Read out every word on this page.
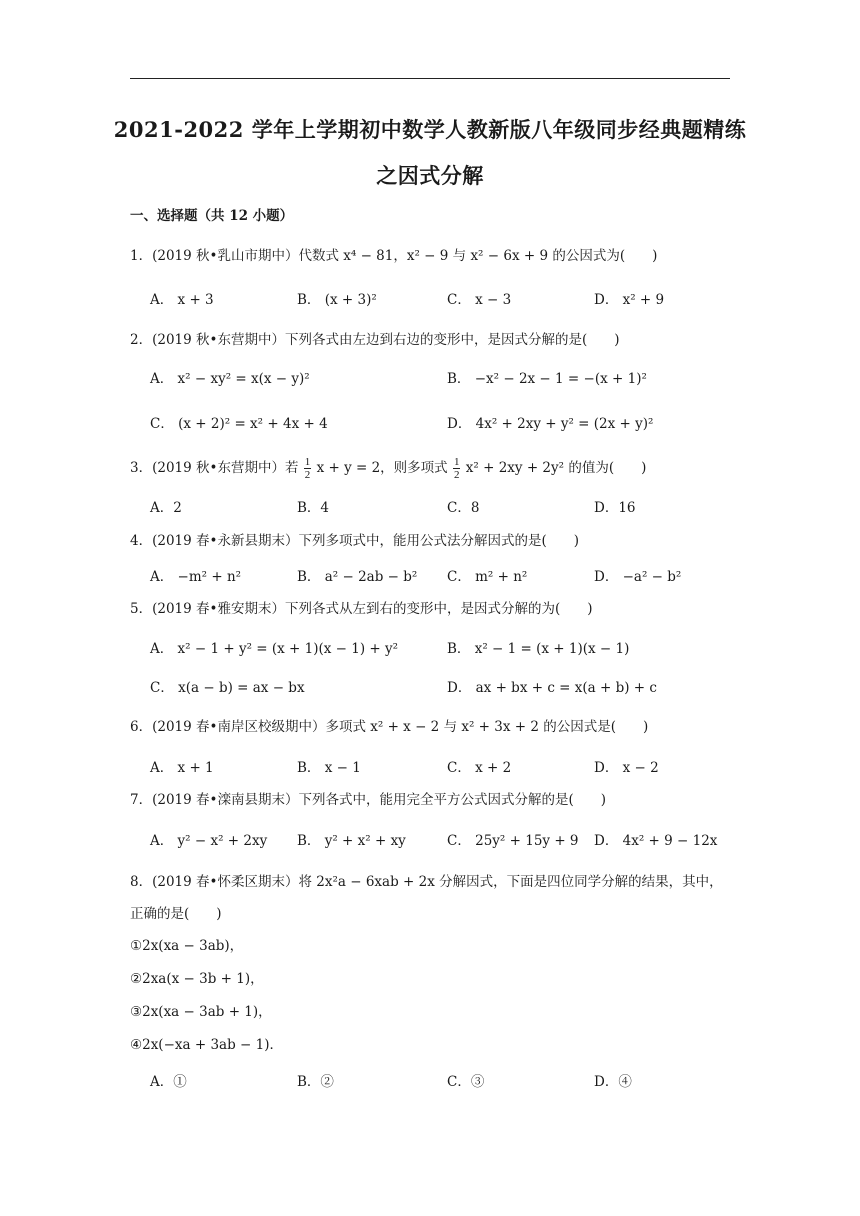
2021-2022 学年上学期初中数学人教新版八年级同步经典题精练
之因式分解
一、选择题（共 12 小题）
1．(2019 秋•乳山市期中）代数式 x⁴ − 81，x² − 9 与 x² − 6x + 9 的公因式为(　　)
A． x + 3	B． (x + 3)²	C． x − 3	D． x² + 9
2．(2019 秋•东营期中）下列各式由左边到右边的变形中，是因式分解的是(　　)
A． x² − xy² = x(x − y)²	B． −x² − 2x − 1 = −(x + 1)²
C． (x + 2)² = x² + 4x + 4	D． 4x² + 2xy + y² = (2x + y)²
3．(2019 秋•东营期中）若 $\frac{1}{2}$ x + y = 2，则多项式 $\frac{1}{2} x^2 + 2xy + 2y^2$ 的值为(　　)
A．2	B．4	C．8	D．16
4．(2019 春•永新县期末）下列多项式中，能用公式法分解因式的是(　　)
A． −m² + n²	B． a² − 2ab − b² C． m² + n²	D． −a² − b²
5．(2019 春•雅安期末）下列各式从左到右的变形中，是因式分解的为(　　)
A． x² − 1 + y² = (x + 1)(x − 1) + y²	B． x² − 1 = (x + 1)(x − 1)
C． x(a − b) = ax − bx	D． ax + bx + c = x(a + b) + c
6．(2019 春•南岸区校级期中）多项式 x² + x − 2 与 x² + 3x + 2 的公因式是(　　)
A． x + 1	B． x − 1	C． x + 2	D． x − 2
7．(2019 春•滦南县期末）下列各式中，能用完全平方公式因式分解的是(　　)
A． y² − x² + 2xy B． y² + x² + xy	C． 25y² + 15y + 9 D． 4x² + 9 − 12x
8．(2019 春•怀柔区期末）将 2x²a − 6xab + 2x 分解因式，下面是四位同学分解的结果，其中，
正确的是(　　)
①2x(xa − 3ab)，
②2xa(x − 3b + 1)，
③2x(xa − 3ab + 1)，
④2x(−xa + 3ab − 1)．
A．①	B．②	C．③	D．④
